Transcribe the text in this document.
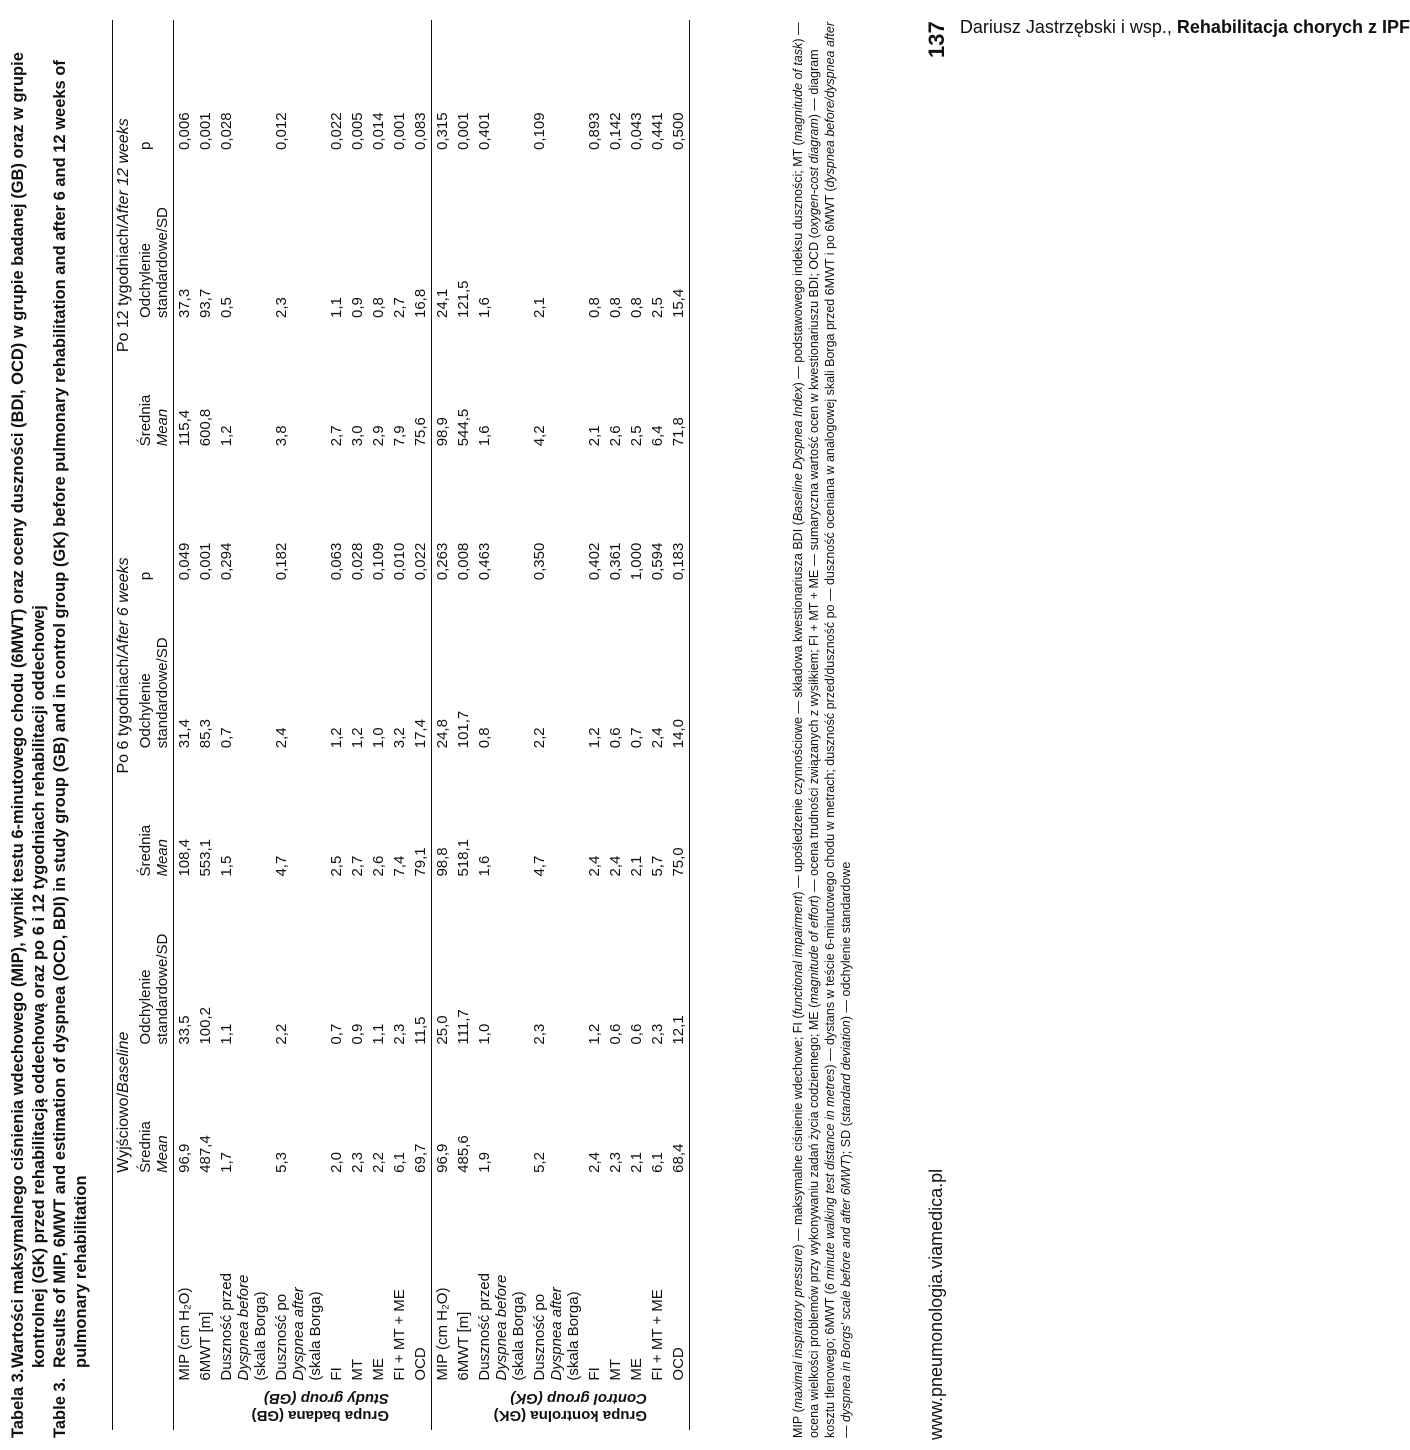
Tabela 3.
Wartości maksymalnego ciśnienia wdechowego (MIP), wyniki testu 6-minutowego chodu (6MWT) oraz oceny duszności (BDI, OCD) w grupie badanej (GB) oraz w grupie kontrolnej (GK) przed rehabilitacją oddechową oraz po 6 i 12 tygodniach rehabilitacji oddechowej
Table 3.
Results of MIP, 6MWT and estimation of dyspnea (OCD, BDI) in study group (GB) and in control group (GK) before pulmonary rehabilitation and after 6 and 12 weeks of pulmonary rehabilitation
		Wyjściowo/Baseline		Po 6 tygodniach/After 6 weeks			Po 12 tygodniach/After 12 weeks		
		Średnia
Mean	Odchylenie
standardowe/SD	Średnia
Mean	Odchylenie
standardowe/SD	p	Średnia
Mean	Odchylenie
standardowe/SD	p

Grupa badana (GB)
Study group (GB)	MIP (cm H₂O)	96,9	33,5	108,4	31,4	0,049	115,4	37,3	0,006
	6MWT [m]	487,4	100,2	553,1	85,3	0,001	600,8	93,7	0,001
	Duszność przed
Dyspnea before
(skala Borga)	1,7	1,1	1,5	0,7	0,294	1,2	0,5	0,028
	Duszność po
Dyspnea after
(skala Borga)	5,3	2,2	4,7	2,4	0,182	3,8	2,3	0,012
	FI	2,0	0,7	2,5	1,2	0,063	2,7	1,1	0,022
	MT	2,3	0,9	2,7	1,2	0,028	3,0	0,9	0,005
	ME	2,2	1,1	2,6	1,0	0,109	2,9	0,8	0,014
	FI + MT + ME	6,1	2,3	7,4	3,2	0,010	7,9	2,7	0,001
	OCD	69,7	11,5	79,1	17,4	0,022	75,6	16,8	0,083

Grupa kontrolna (GK)
Control group (GK)	MIP (cm H₂O)	96,9	25,0	98,8	24,8	0,263	98,9	24,1	0,315
	6MWT [m]	485,6	111,7	518,1	101,7	0,008	544,5	121,5	0,001
	Duszność przed
Dyspnea before
(skala Borga)	1,9	1,0	1,6	0,8	0,463	1,6	1,6	0,401
	Duszność po
Dyspnea after
(skala Borga)	5,2	2,3	4,7	2,2	0,350	4,2	2,1	0,109
	FI	2,4	1,2	2,4	1,2	0,402	2,1	0,8	0,893
	MT	2,3	0,6	2,4	0,6	0,361	2,6	0,8	0,142
	ME	2,1	0,6	2,1	0,7	1,000	2,5	0,8	0,043
	FI + MT + ME	6,1	2,3	5,7	2,4	0,594	6,4	2,5	0,441
	OCD	68,4	12,1	75,0	14,0	0,183	71,8	15,4	0,500
MIP (maximal inspiratory pressure) — maksymalne ciśnienie wdechowe; FI (functional impairment) — upośledzenie czynnościowe — składowa kwestionariusza BDI (Baseline Dyspnea Index) — podstawowego indeksu duszności; MT (magnitude of task) — ocena wielkości problemów przy wykonywaniu zadań życia codziennego; ME (magnitude of effort) — ocena trudności związanych z wysiłkiem; FI + MT + ME — sumaryczna wartość ocen w kwestionariuszu BDI; OCD (oxygen-cost diagram) — diagram kosztu tlenowego; 6MWT (6 minute walking test distance in metres) — dystans w teście 6-minutowego chodu w metrach; duszność przed/duszność po — duszność oceniana w analogowej skali Borga przed 6MWT i po 6MWT (dyspnea before/dyspnea after — dyspnea in Borgs' scale before and after 6MWT); SD (standard deviation) — odchylenie standardowe
www.pneumonologia.viamedica.pl
137 Dariusz Jastrzębski i wsp., Rehabilitacja chorych z IPF
